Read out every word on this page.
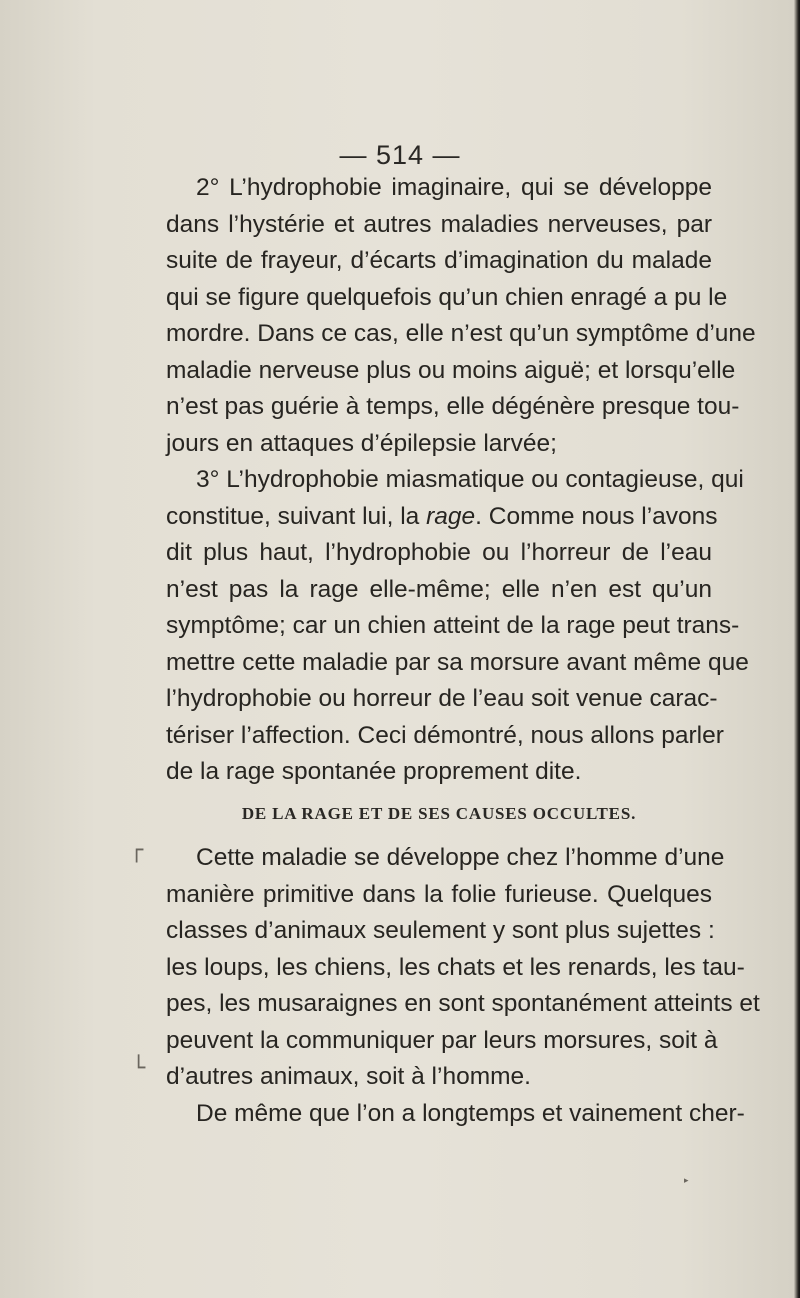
— 514 —
2° L’hydrophobie imaginaire, qui se développe
dans l’hystérie et autres maladies nerveuses, par
suite de frayeur, d’écarts d’imagination du malade
qui se figure quelquefois qu’un chien enragé a pu le
mordre. Dans ce cas, elle n’est qu’un symptôme d’une
maladie nerveuse plus ou moins aiguë; et lorsqu’elle
n’est pas guérie à temps, elle dégénère presque tou-
jours en attaques d’épilepsie larvée;
3° L’hydrophobie miasmatique ou contagieuse, qui
constitue, suivant lui, la rage. Comme nous l’avons
dit plus haut, l’hydrophobie ou l’horreur de l’eau
n’est pas la rage elle-même; elle n’en est qu’un
symptôme; car un chien atteint de la rage peut trans-
mettre cette maladie par sa morsure avant même que
l’hydrophobie ou horreur de l’eau soit venue carac-
tériser l’affection. Ceci démontré, nous allons parler
de la rage spontanée proprement dite.
DE LA RAGE ET DE SES CAUSES OCCULTES.
Cette maladie se développe chez l’homme d’une
manière primitive dans la folie furieuse. Quelques
classes d’animaux seulement y sont plus sujettes :
les loups, les chiens, les chats et les renards, les tau-
pes, les musaraignes en sont spontanément atteints et
peuvent la communiquer par leurs morsures, soit à
d’autres animaux, soit à l’homme.
De même que l’on a longtemps et vainement cher-
┌
└
▸
